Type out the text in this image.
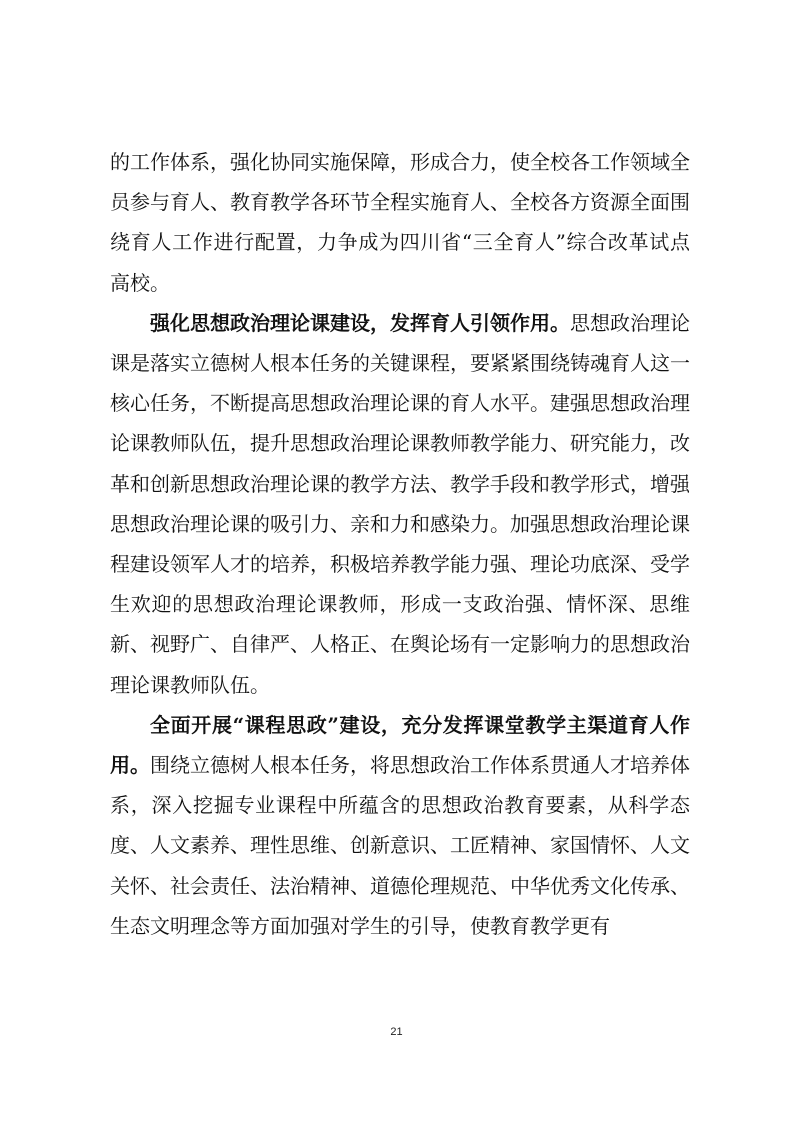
的工作体系，强化协同实施保障，形成合力，使全校各工作领域全员参与育人、教育教学各环节全程实施育人、全校各方资源全面围绕育人工作进行配置，力争成为四川省“三全育人”综合改革试点高校。

强化思想政治理论课建设，发挥育人引领作用。思想政治理论课是落实立德树人根本任务的关键课程，要紧紧围绕铸魂育人这一核心任务，不断提高思想政治理论课的育人水平。建强思想政治理论课教师队伍，提升思想政治理论课教师教学能力、研究能力，改革和创新思想政治理论课的教学方法、教学手段和教学形式，增强思想政治理论课的吸引力、亲和力和感染力。加强思想政治理论课程建设领军人才的培养，积极培养教学能力强、理论功底深、受学生欢迎的思想政治理论课教师，形成一支政治强、情怀深、思维新、视野广、自律严、人格正、在舆论场有一定影响力的思想政治理论课教师队伍。

全面开展“课程思政”建设，充分发挥课堂教学主渠道育人作用。围绕立德树人根本任务，将思想政治工作体系贯通人才培养体系，深入挖掘专业课程中所蕴含的思想政治教育要素，从科学态度、人文素养、理性思维、创新意识、工匠精神、家国情怀、人文关怀、社会责任、法治精神、道德伦理规范、中华优秀文化传承、生态文明理念等方面加强对学生的引导，使教育教学更有

21
